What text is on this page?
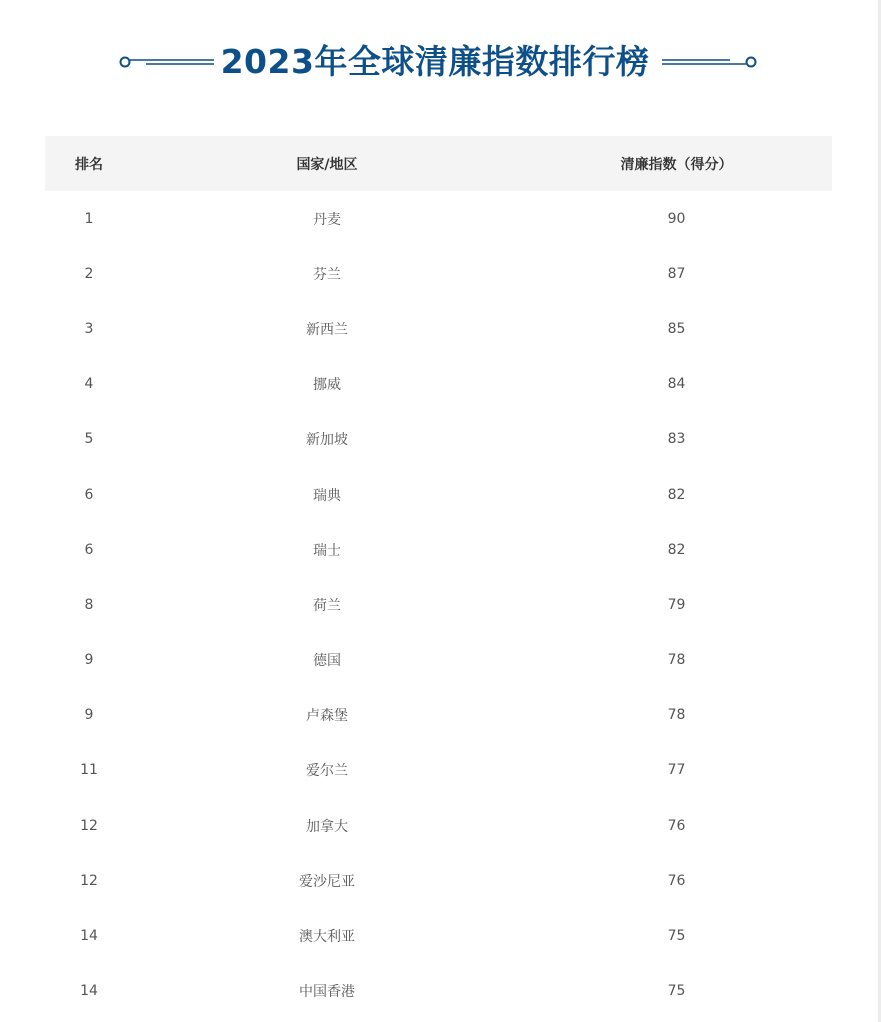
2023年全球清廉指数排行榜
排名	国家/地区	清廉指数（得分）
1	丹麦	90
2	芬兰	87
3	新西兰	85
4	挪威	84
5	新加坡	83
6	瑞典	82
6	瑞士	82
8	荷兰	79
9	德国	78
9	卢森堡	78
11	爱尔兰	77
12	加拿大	76
12	爱沙尼亚	76
14	澳大利亚	75
14	中国香港	75
